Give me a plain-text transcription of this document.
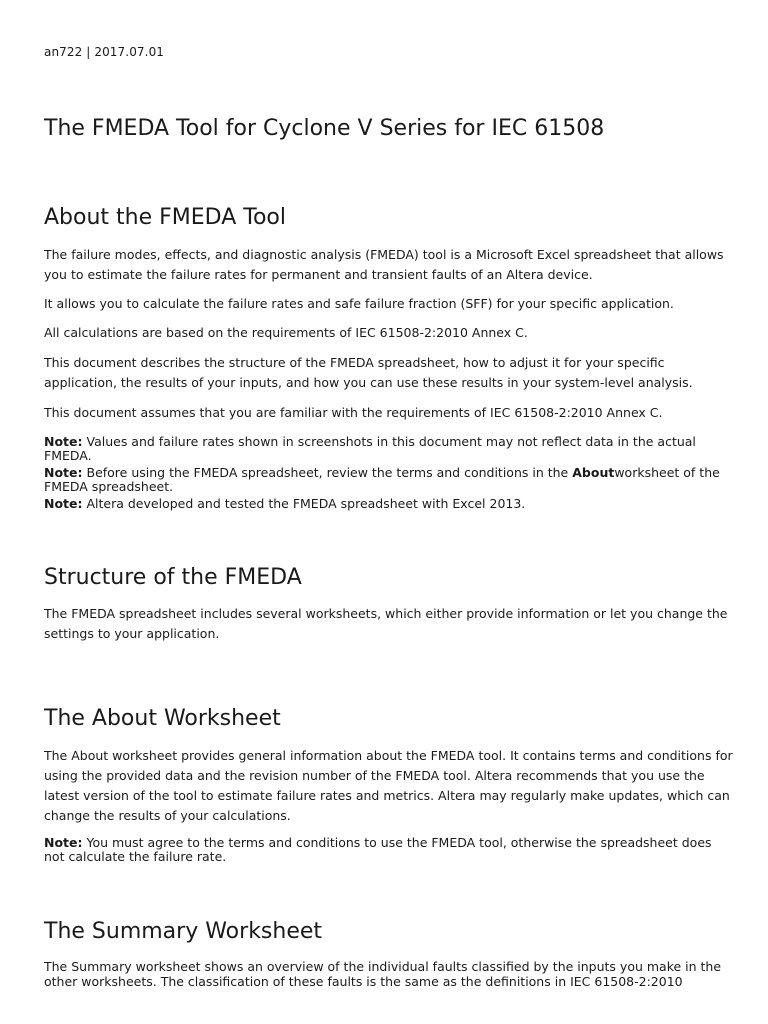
an722 | 2017.07.01
The FMEDA Tool for Cyclone V Series for IEC 61508
About the FMEDA Tool

The failure modes, effects, and diagnostic analysis (FMEDA) tool is a Microsoft Excel spreadsheet that allows you to estimate the failure rates for permanent and transient faults of an Altera device.

It allows you to calculate the failure rates and safe failure fraction (SFF) for your specific application.

All calculations are based on the requirements of IEC 61508-2:2010 Annex C.

This document describes the structure of the FMEDA spreadsheet, how to adjust it for your specific application, the results of your inputs, and how you can use these results in your system-level analysis.

This document assumes that you are familiar with the requirements of IEC 61508-2:2010 Annex C.

Note: Values and failure rates shown in screenshots in this document may not reflect data in the actual FMEDA.
Note: Before using the FMEDA spreadsheet, review the terms and conditions in the Aboutworksheet of the FMEDA spreadsheet.
Note: Altera developed and tested the FMEDA spreadsheet with Excel 2013.
Structure of the FMEDA

The FMEDA spreadsheet includes several worksheets, which either provide information or let you change the settings to your application.

The About Worksheet

The About worksheet provides general information about the FMEDA tool. It contains terms and conditions for using the provided data and the revision number of the FMEDA tool. Altera recommends that you use the latest version of the tool to estimate failure rates and metrics. Altera may regularly make updates, which can change the results of your calculations.

Note: You must agree to the terms and conditions to use the FMEDA tool, otherwise the spreadsheet does not calculate the failure rate.
The Summary Worksheet
The Summary worksheet shows an overview of the individual faults classified by the inputs you make in the other worksheets. The classification of these faults is the same as the definitions in IEC 61508-2:2010
